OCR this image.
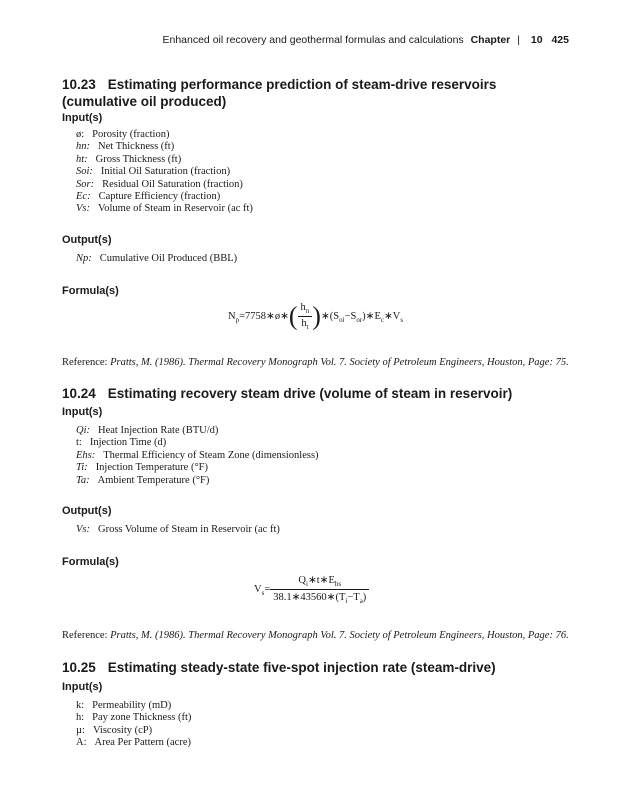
Enhanced oil recovery and geothermal formulas and calculations Chapter | 10 425
10.23 Estimating performance prediction of steam-drive reservoirs
(cumulative oil produced)
Input(s)
ø: Porosity (fraction)
hn: Net Thickness (ft)
ht: Gross Thickness (ft)
Soi: Initial Oil Saturation (fraction)
Sor: Residual Oil Saturation (fraction)
Ec: Capture Efficiency (fraction)
Vs: Volume of Steam in Reservoir (ac ft)
Output(s)
Np: Cumulative Oil Produced (BBL)
Formula(s)
$N_p=7758∗ø∗( \frac{h_n}{h_t}$ )$∗(S_{oi}-S_{or})∗E_c∗V_s$
Reference: Pratts, M. (1986). Thermal Recovery Monograph Vol. 7. Society of Petroleum Engineers, Houston, Page: 75.
10.24 Estimating recovery steam drive (volume of steam in reservoir)
Input(s)
Qi: Heat Injection Rate (BTU/d)
t: Injection Time (d)
Ehs: Thermal Efficiency of Steam Zone (dimensionless)
Ti: Injection Temperature (°F)
Ta: Ambient Temperature (°F)
Output(s)
Vs: Gross Volume of Steam in Reservoir (ac ft)
Formula(s)
$V_s= \frac{Q_i∗t∗E_{hs}}{38.1∗43560∗(T_i-T_a)}$
Reference: Pratts, M. (1986). Thermal Recovery Monograph Vol. 7. Society of Petroleum Engineers, Houston, Page: 76.
10.25 Estimating steady-state five-spot injection rate (steam-drive)
Input(s)
k: Permeability (mD)
h: Pay zone Thickness (ft)
µ: Viscosity (cP)
A: Area Per Pattern (acre)
